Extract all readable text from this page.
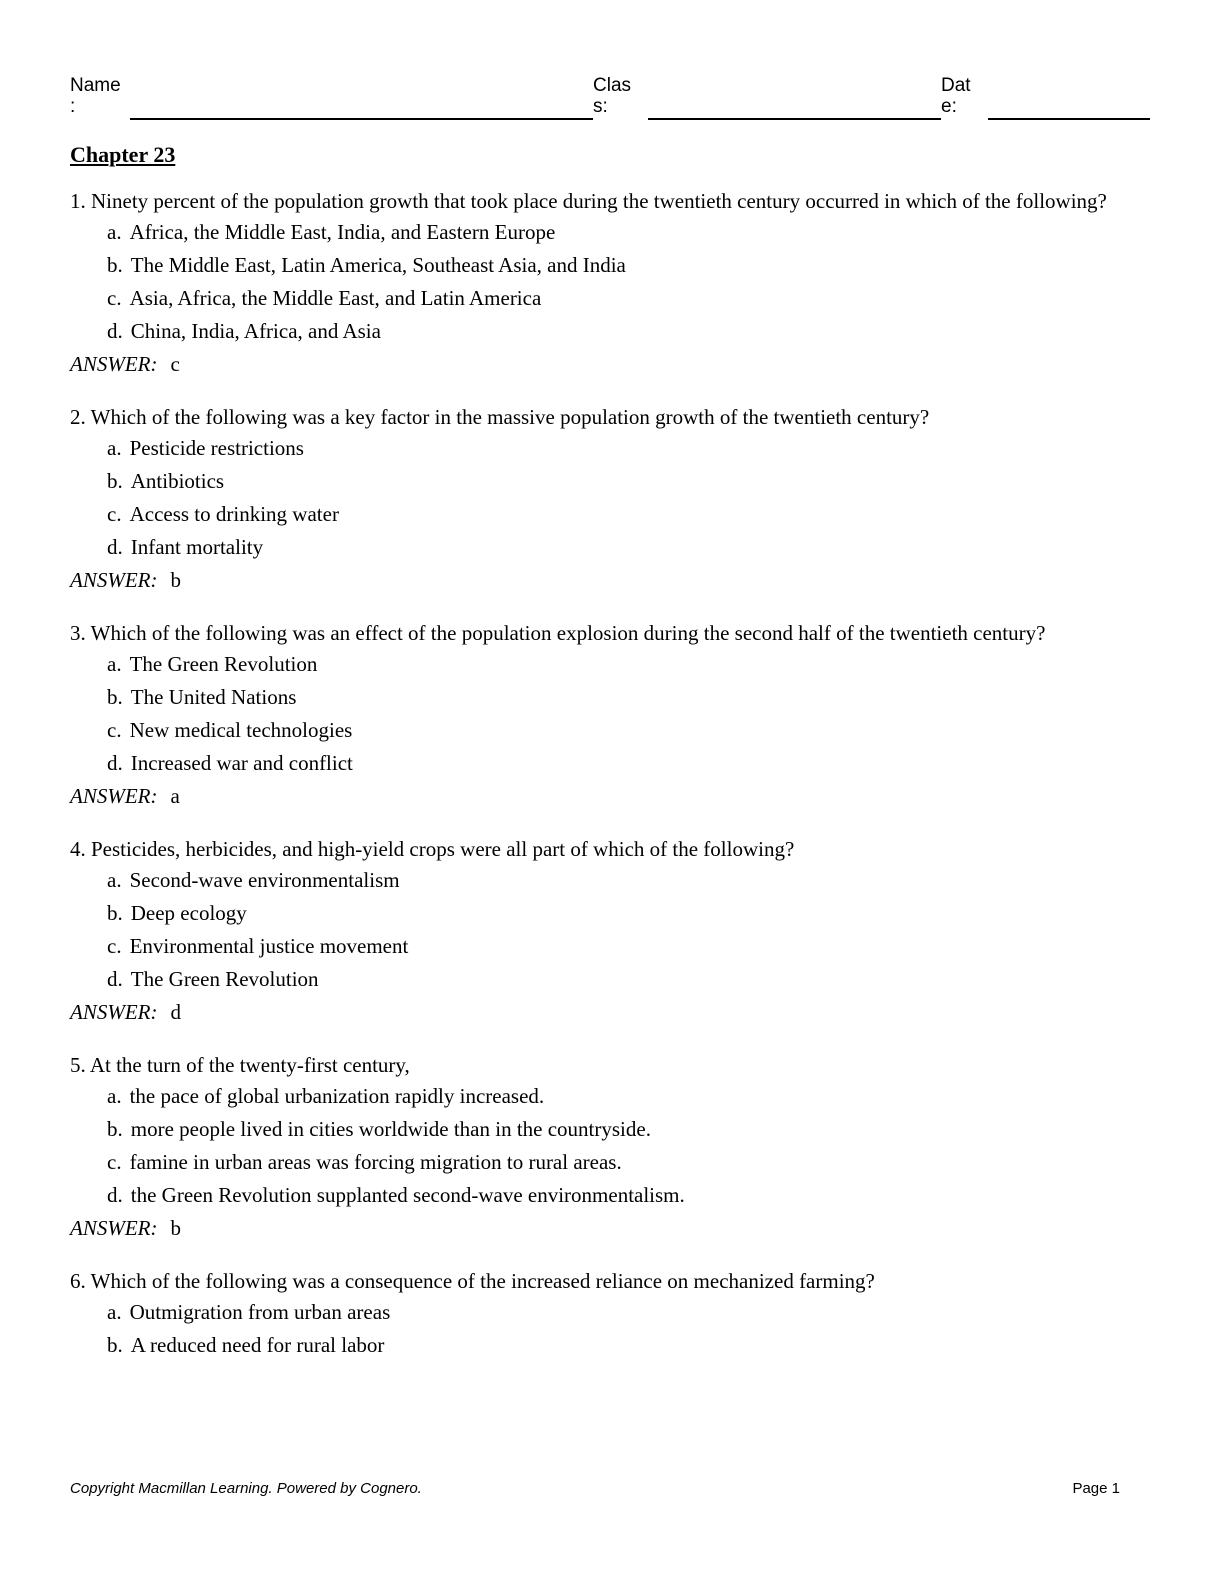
Name
:
Clas
s:
Dat
e:
Chapter 23

1. Ninety percent of the population growth that took place during the twentieth century occurred in which of the following?

a. Africa, the Middle East, India, and Eastern Europe

b. The Middle East, Latin America, Southeast Asia, and India

c. Asia, Africa, the Middle East, and Latin America

d. China, India, Africa, and Asia

ANSWER: c

2. Which of the following was a key factor in the massive population growth of the twentieth century?

a. Pesticide restrictions

b. Antibiotics

c. Access to drinking water

d. Infant mortality

ANSWER: b

3. Which of the following was an effect of the population explosion during the second half of the twentieth century?

a. The Green Revolution

b. The United Nations

c. New medical technologies

d. Increased war and conflict

ANSWER: a

4. Pesticides, herbicides, and high-yield crops were all part of which of the following?

a. Second-wave environmentalism

b. Deep ecology

c. Environmental justice movement

d. The Green Revolution

ANSWER: d

5. At the turn of the twenty-first century,

a. the pace of global urbanization rapidly increased.

b. more people lived in cities worldwide than in the countryside.

c. famine in urban areas was forcing migration to rural areas.

d. the Green Revolution supplanted second-wave environmentalism.

ANSWER: b

6. Which of the following was a consequence of the increased reliance on mechanized farming?

a. Outmigration from urban areas

b. A reduced need for rural labor

Copyright Macmillan Learning. Powered by Cognero.	Page 1
